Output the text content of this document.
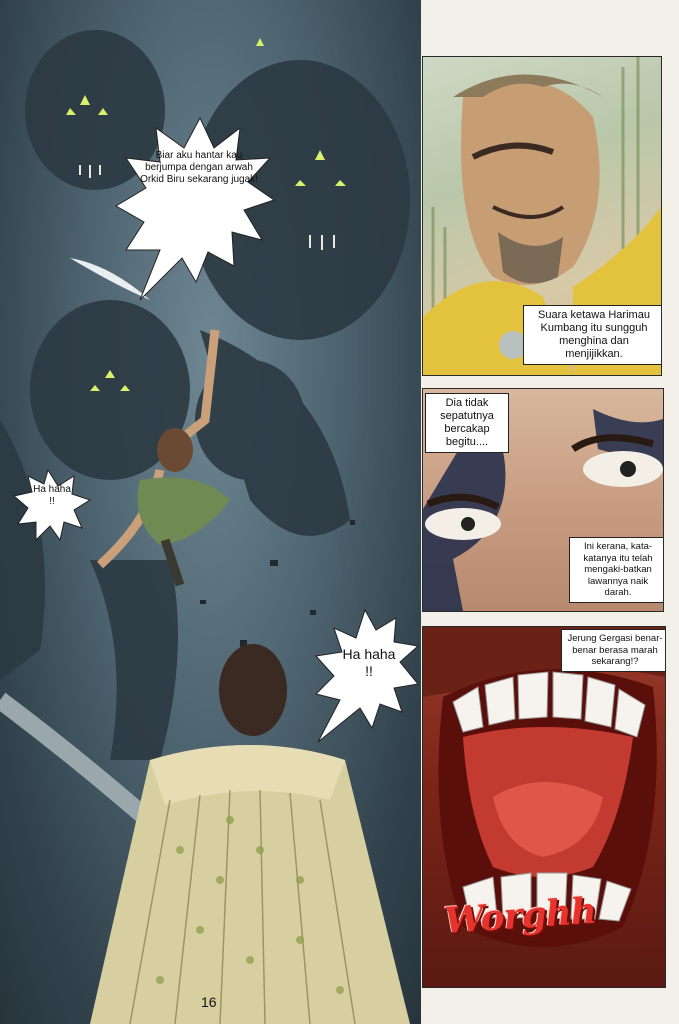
Biar aku hantar kau berjumpa dengan arwah Orkid Biru sekarang jugak!
Ha haha !!
Ha haha !!
Suara ketawa Harimau Kumbang itu sungguh menghina dan menjijikkan.
Dia tidak sepatutnya bercakap begitu....
Ini kerana, kata-katanya itu telah mengaki-batkan lawannya naik darah.
Jerung Gergasi benar-benar berasa marah sekarang!?
Worghh
16
